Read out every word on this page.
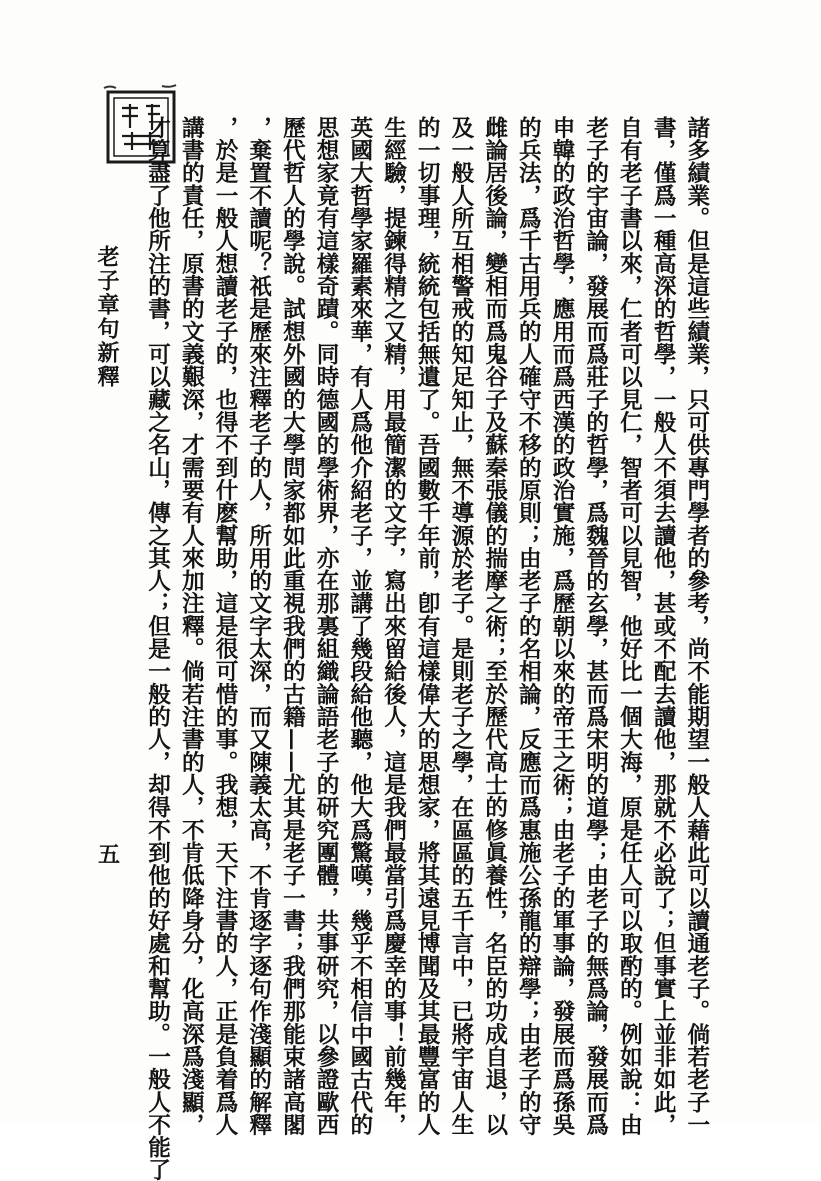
老子章句新釋
五	諸多績業。但是這些績業，只可供專門學者的參考，尚不能期望一般人藉此可以讀通老子。倘若老子一
書，僅爲一種高深的哲學，一般人不須去讀他，甚或不配去讀他，那就不必說了；但事實上並非如此，
自有老子書以來，仁者可以見仁，智者可以見智，他好比一個大海，原是任人可以取酌的。例如說：由
老子的宇宙論，發展而爲莊子的哲學，爲魏晉的玄學，甚而爲宋明的道學；由老子的無爲論，發展而爲
申韓的政治哲學，應用而爲西漢的政治實施，爲歷朝以來的帝王之術；由老子的軍事論，發展而爲孫吳
的兵法，爲千古用兵的人確守不移的原則；由老子的名相論，反應而爲惠施公孫龍的辯學；由老子的守
雌論居後論，變相而爲鬼谷子及蘇秦張儀的揣摩之術；至於歷代高士的修眞養性，名臣的功成自退，以
及一般人所互相警戒的知足知止，無不導源於老子。是則老子之學，在區區的五千言中，已將宇宙人生
的一切事理，統統包括無遺了。吾國數千年前，卽有這樣偉大的思想家，將其遠見博聞及其最豐富的人
生經驗，提鍊得精之又精，用最簡潔的文字，寫出來留給後人，這是我們最當引爲慶幸的事！前幾年，
英國大哲學家羅素來華，有人爲他介紹老子，並講了幾段給他聽，他大爲驚嘆，幾乎不相信中國古代的
思想家竟有這樣奇蹟。同時德國的學術界，亦在那裏組織論語老子的研究團體，共事研究，以參證歐西
歷代哲人的學說。試想外國的大學問家都如此重視我們的古籍——尤其是老子一書；我們那能束諸高閣
，棄置不讀呢？祇是歷來注釋老子的人，所用的文字太深，而又陳義太高，不肯逐字逐句作淺顯的解釋
，於是一般人想讀老子的，也得不到什麽幫助，這是很可惜的事。我想，天下注書的人，正是負着爲人
講書的責任，原書的文義艱深，才需要有人來加注釋。倘若注書的人，不肯低降身分，化高深爲淺顯，
才算盡了他所注的書，可以藏之名山，傳之其人；但是一般的人，却得不到他的好處和幫助。一般人不能了
